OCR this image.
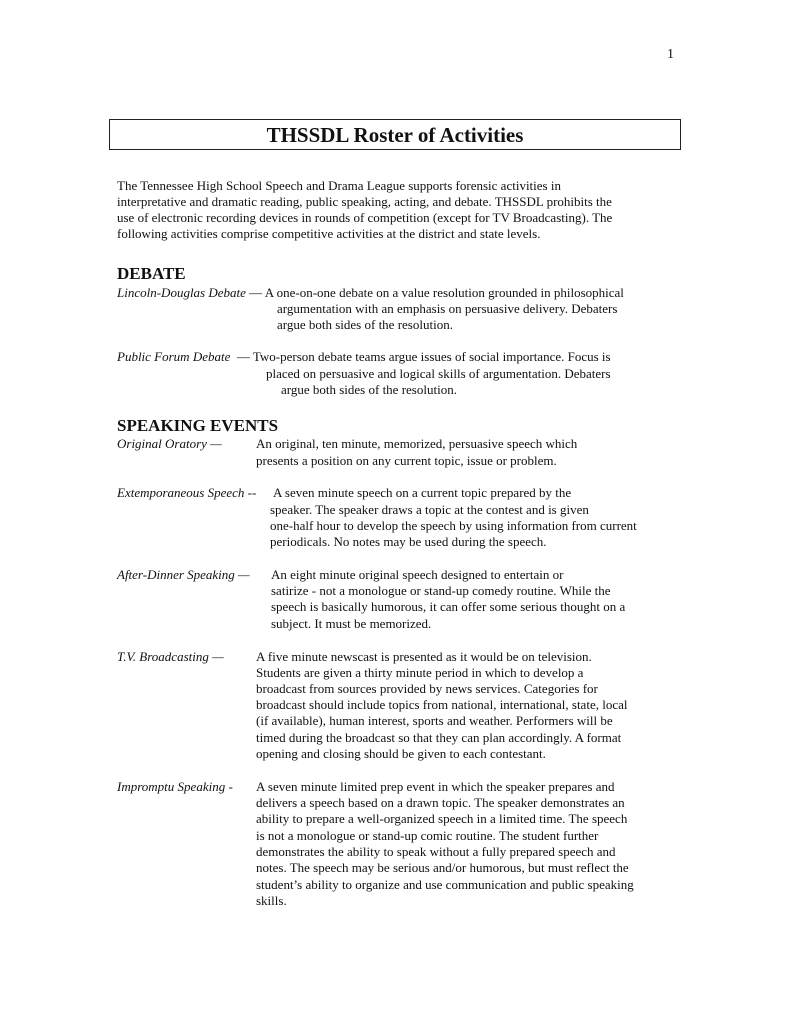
1
THSSDL Roster of Activities
The Tennessee High School Speech and Drama League supports forensic activities in
interpretative and dramatic reading, public speaking, acting, and debate. THSSDL prohibits the
use of electronic recording devices in rounds of competition (except for TV Broadcasting). The
following activities comprise competitive activities at the district and state levels.
DEBATE
Lincoln-Douglas Debate — A one-on-one debate on a value resolution grounded in philosophical
argumentation with an emphasis on persuasive delivery. Debaters
argue both sides of the resolution.
Public Forum Debate  — Two-person debate teams argue issues of social importance. Focus is
placed on persuasive and logical skills of argumentation. Debaters
argue both sides of the resolution.
SPEAKING EVENTS
Original Oratory —	An original, ten minute, memorized, persuasive speech which
presents a position on any current topic, issue or problem.
Extemporaneous Speech -- A seven minute speech on a current topic prepared by the
speaker. The speaker draws a topic at the contest and is given
one-half hour to develop the speech by using information from current
periodicals. No notes may be used during the speech.
After-Dinner Speaking — An eight minute original speech designed to entertain or
satirize - not a monologue or stand-up comedy routine. While the
speech is basically humorous, it can offer some serious thought on a
subject. It must be memorized.
T.V. Broadcasting — A five minute newscast is presented as it would be on television.
Students are given a thirty minute period in which to develop a
broadcast from sources provided by news services. Categories for
broadcast should include topics from national, international, state, local
(if available), human interest, sports and weather. Performers will be
timed during the broadcast so that they can plan accordingly. A format
opening and closing should be given to each contestant.
Impromptu Speaking - A seven minute limited prep event in which the speaker prepares and
delivers a speech based on a drawn topic. The speaker demonstrates an
ability to prepare a well-organized speech in a limited time. The speech
is not a monologue or stand-up comic routine. The student further
demonstrates the ability to speak without a fully prepared speech and
notes. The speech may be serious and/or humorous, but must reflect the
student’s ability to organize and use communication and public speaking
skills.
